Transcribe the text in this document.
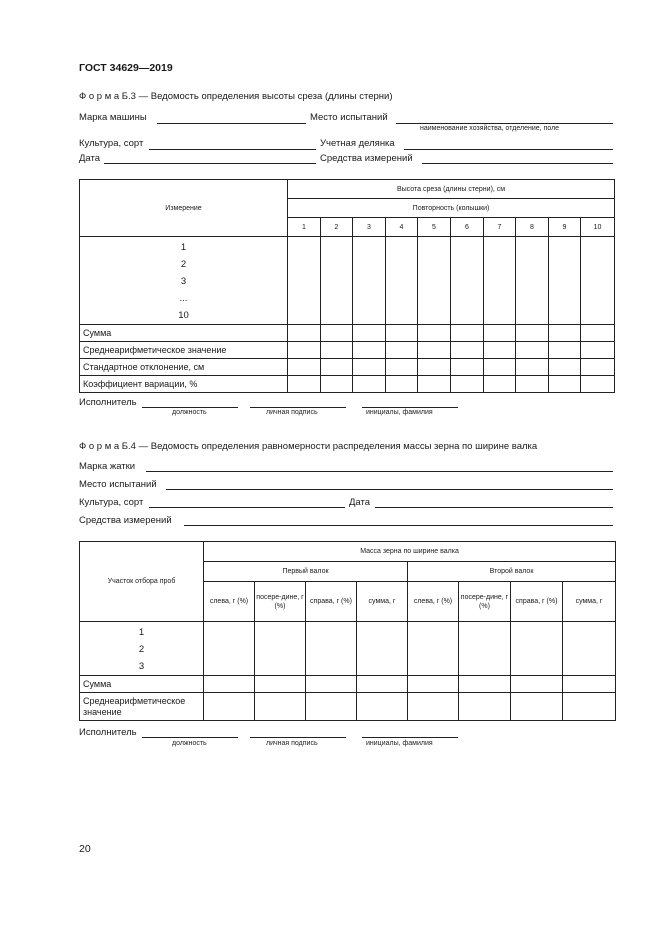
ГОСТ 34629—2019
Ф о р м а Б.3 — Ведомость определения высоты среза (длины стерни)
Марка машины	Место испытаний
наименование хозяйства, отделение, поле
Культура, сорт	Учетная делянка
Дата	Средства измерений
Измерение	Высота среза (длины стерни), см									
	Повторность (колышки)									
	1	2	3	4	5	6	7	8	9	10

1
2
3
...
10										

Сумма										
Среднеарифметическое значение										
Стандартное отклонение, см										
Коэффициент вариации, %										
Исполнитель
должность	личная подпись	инициалы, фамилия
Ф о р м а Б.4 — Ведомость определения равномерности распределения массы зерна по ширине валка
Марка жатки
Место испытаний
Культура, сорт	Дата
Средства измерений
Участок отбора проб	Масса зерна по ширине валка							
	Первый валок				Второй валок			
	слева, г (%)	посере-дине, г (%)	справа, г (%)	сумма, г	слева, г (%)	посере-дине, г (%)	справа, г (%)	сумма, г

1
2
3								

Сумма								
Среднеарифметическое значение								
Исполнитель
должность	личная подпись	инициалы, фамилия
20
